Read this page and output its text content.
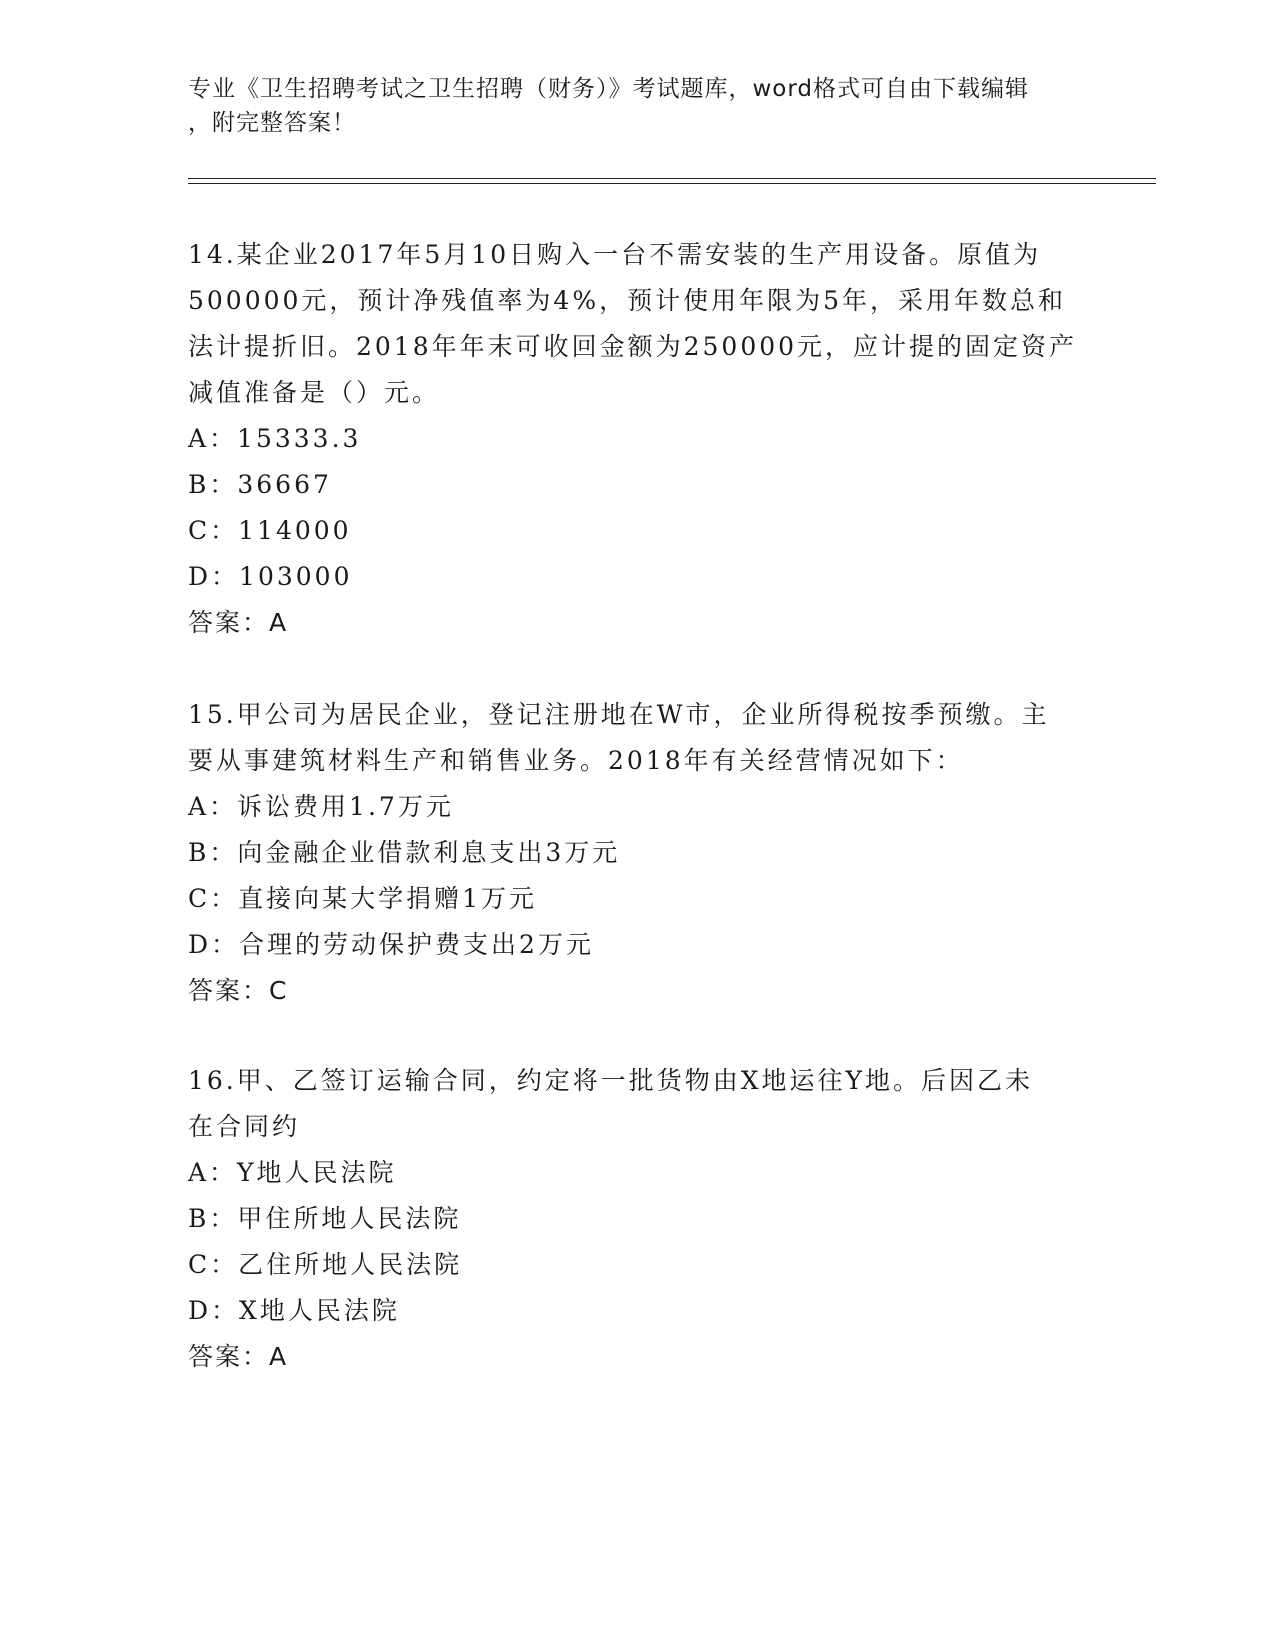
专业《卫生招聘考试之卫生招聘（财务）》考试题库，word格式可自由下载编辑
，附完整答案！

14.某企业2017年5月10日购入一台不需安装的生产用设备。原值为

500000元，预计净残值率为4%，预计使用年限为5年，采用年数总和

法计提折旧。2018年年末可收回金额为250000元，应计提的固定资产

减值准备是（）元。

A：15333.3

B：36667

C：114000

D：103000

答案：A

15.甲公司为居民企业，登记注册地在W市，企业所得税按季预缴。主

要从事建筑材料生产和销售业务。2018年有关经营情况如下：

A：诉讼费用1.7万元

B：向金融企业借款利息支出3万元

C：直接向某大学捐赠1万元

D：合理的劳动保护费支出2万元

答案：C

16.甲、乙签订运输合同，约定将一批货物由X地运往Y地。后因乙未

在合同约

A：Y地人民法院

B：甲住所地人民法院

C：乙住所地人民法院

D：X地人民法院

答案：A
